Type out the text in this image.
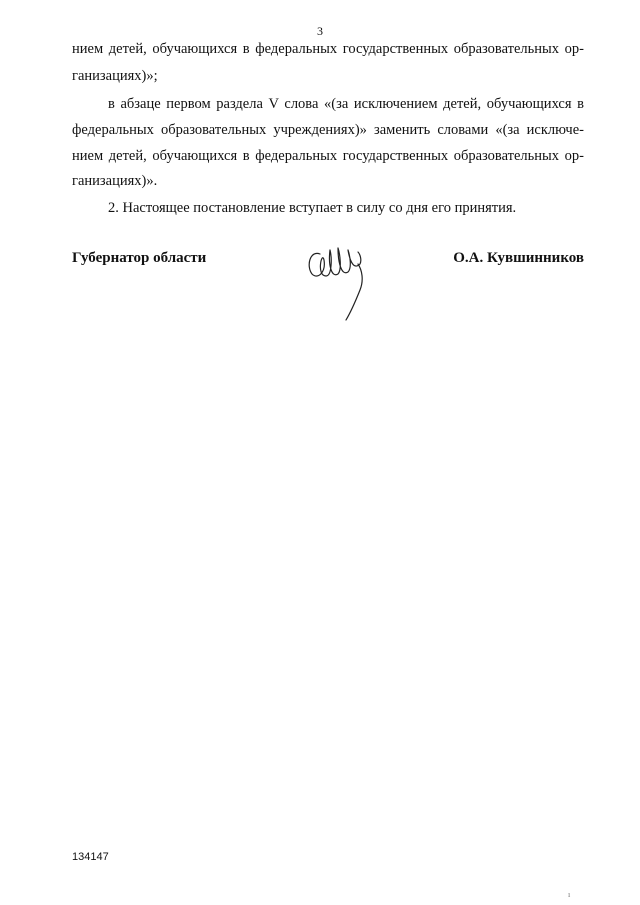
3
нием детей, обучающихся в федеральных государственных образовательных ор-
ганизациях)»;
в абзаце первом раздела V слова «(за исключением детей, обучающихся в
федеральных образовательных учреждениях)» заменить словами «(за исключе-
нием детей, обучающихся в федеральных государственных образовательных ор-
ганизациях)».
2. Настоящее постановление вступает в силу со дня его принятия.
Губернатор области	О.А. Кувшинников
134147
ı
